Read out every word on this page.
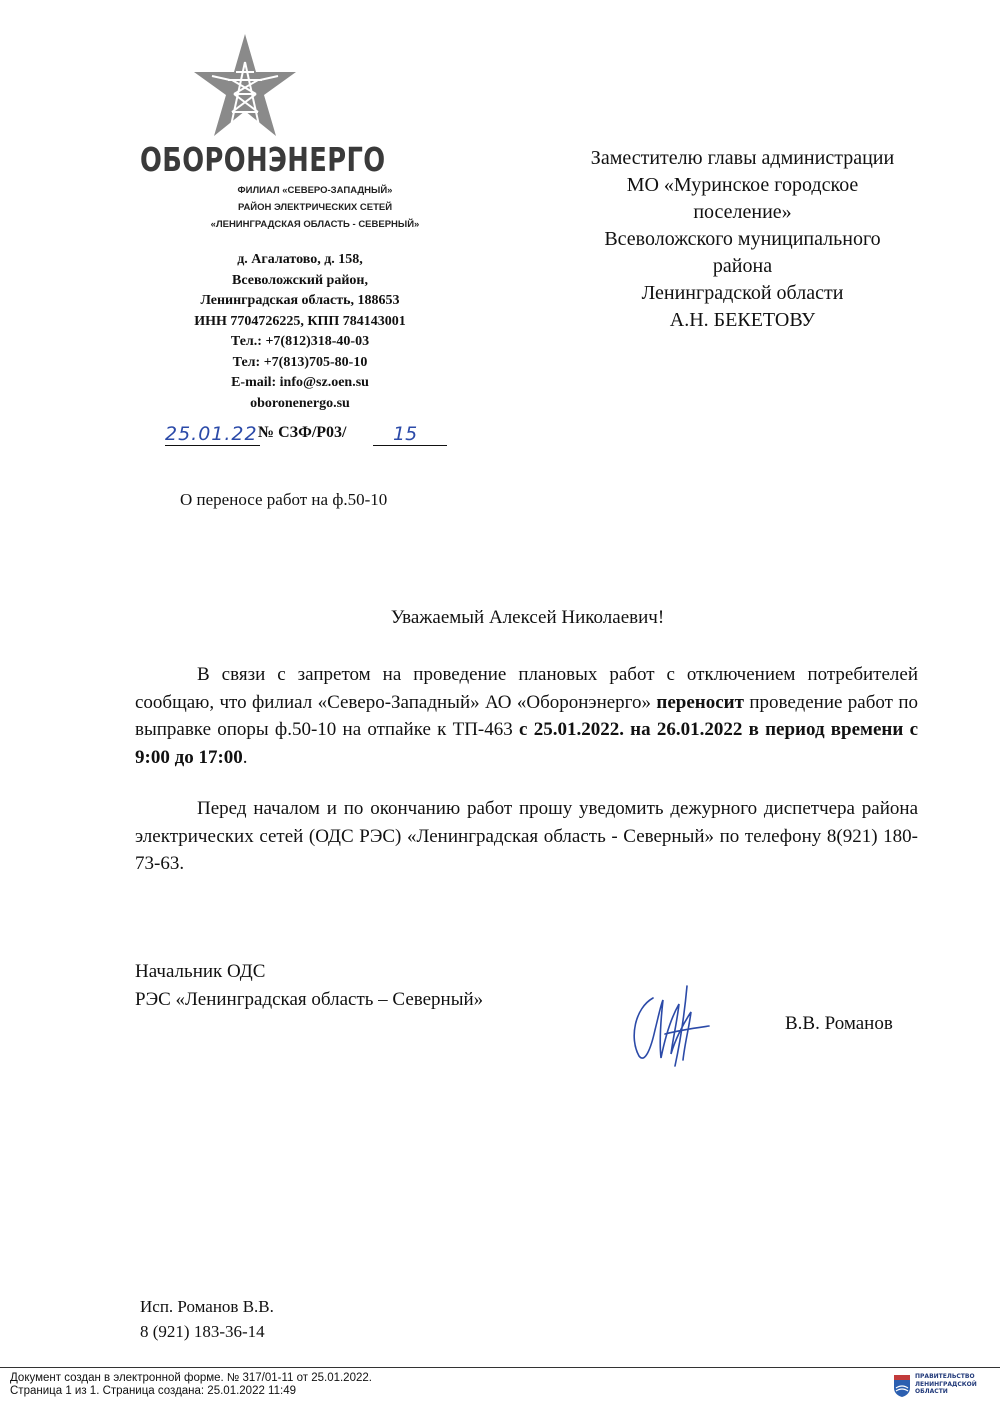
ОБОРОНЭНЕРГО
ФИЛИАЛ «СЕВЕРО-ЗАПАДНЫЙ»
РАЙОН ЭЛЕКТРИЧЕСКИХ СЕТЕЙ
«ЛЕНИНГРАДСКАЯ ОБЛАСТЬ - СЕВЕРНЫЙ»
д. Агалатово, д. 158,
Всеволожский район,
Ленинградская область, 188653
ИНН 7704726225, КПП 784143001
Тел.: +7(812)318-40-03
Тел: +7(813)705-80-10
E-mail: info@sz.oen.su
oboronenergo.su
25.01.22 № СЗФ/Р03/	15
О переносе работ на ф.50-10
Заместителю главы администрации
МО «Муринское городское
поселение»
Всеволожского муниципального
района
Ленинградской области
А.Н. БЕКЕТОВУ
Уважаемый Алексей Николаевич!
В связи с запретом на проведение плановых работ с отключением потребителей сообщаю, что филиал «Северо-Западный» АО «Оборонэнерго» переносит проведение работ по выправке опоры ф.50-10 на отпайке к ТП-463 с 25.01.2022. на 26.01.2022 в период времени с 9:00 до 17:00.
Перед началом и по окончанию работ прошу уведомить дежурного диспетчера района электрических сетей (ОДС РЭС) «Ленинградская область - Северный» по телефону 8(921) 180-73-63.
Начальник ОДС
РЭС «Ленинградская область – Северный»
В.В. Романов
Исп. Романов В.В.
8 (921) 183-36-14
Документ создан в электронной форме. № 317/01-11 от 25.01.2022.
Страница 1 из 1. Страница создана: 25.01.2022 11:49
ПРАВИТЕЛЬСТВО
ЛЕНИНГРАДСКОЙ
ОБЛАСТИ
